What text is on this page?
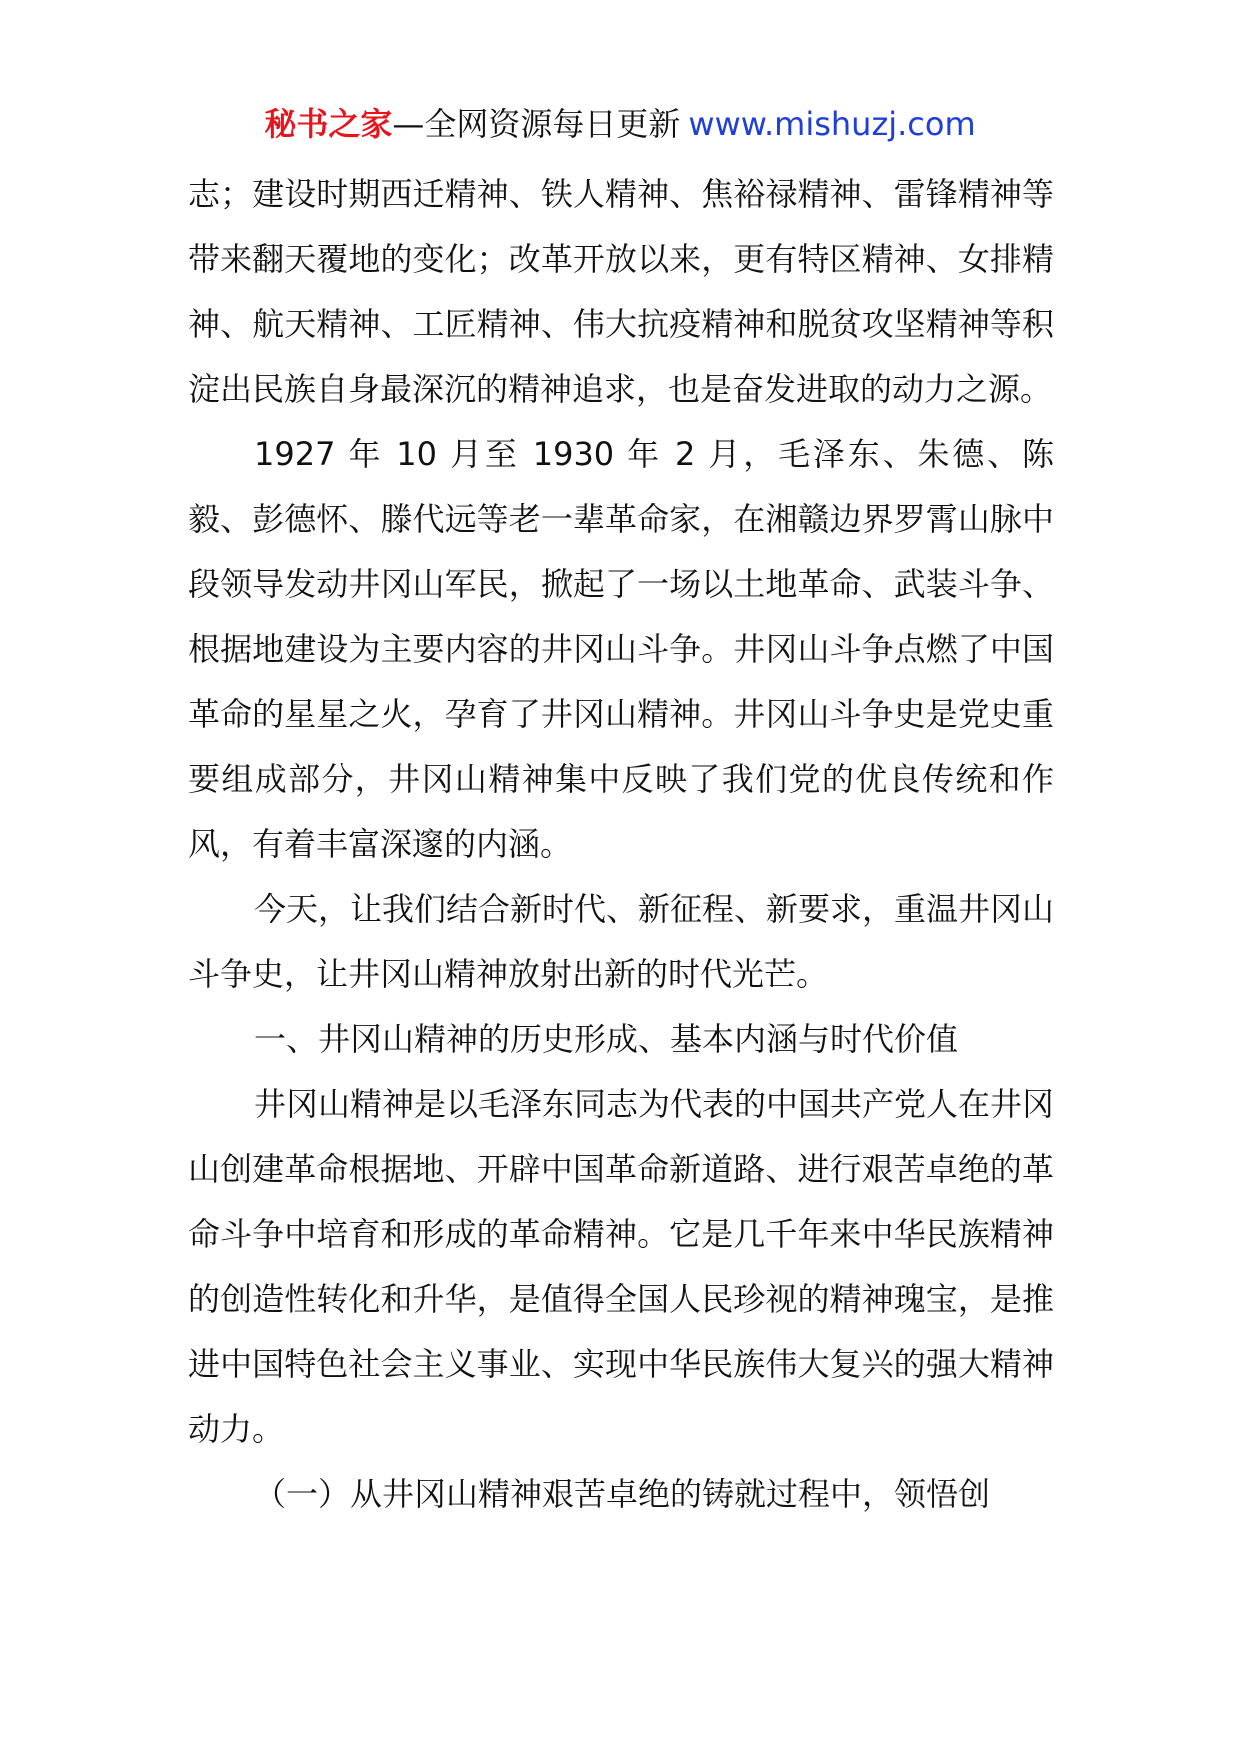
秘书之家—全网资源每日更新 www.mishuzj.com

志；建设时期西迁精神、铁人精神、焦裕禄精神、雷锋精神等带来翻天覆地的变化；改革开放以来，更有特区精神、女排精神、航天精神、工匠精神、伟大抗疫精神和脱贫攻坚精神等积淀出民族自身最深沉的精神追求，也是奋发进取的动力之源。

1927 年 10 月至 1930 年 2 月，毛泽东、朱德、陈毅、彭德怀、滕代远等老一辈革命家，在湘赣边界罗霄山脉中段领导发动井冈山军民，掀起了一场以土地革命、武装斗争、根据地建设为主要内容的井冈山斗争。井冈山斗争点燃了中国革命的星星之火，孕育了井冈山精神。井冈山斗争史是党史重要组成部分，井冈山精神集中反映了我们党的优良传统和作风，有着丰富深邃的内涵。

今天，让我们结合新时代、新征程、新要求，重温井冈山斗争史，让井冈山精神放射出新的时代光芒。

一、井冈山精神的历史形成、基本内涵与时代价值

井冈山精神是以毛泽东同志为代表的中国共产党人在井冈山创建革命根据地、开辟中国革命新道路、进行艰苦卓绝的革命斗争中培育和形成的革命精神。它是几千年来中华民族精神的创造性转化和升华，是值得全国人民珍视的精神瑰宝，是推进中国特色社会主义事业、实现中华民族伟大复兴的强大精神动力。

（一）从井冈山精神艰苦卓绝的铸就过程中，领悟创
